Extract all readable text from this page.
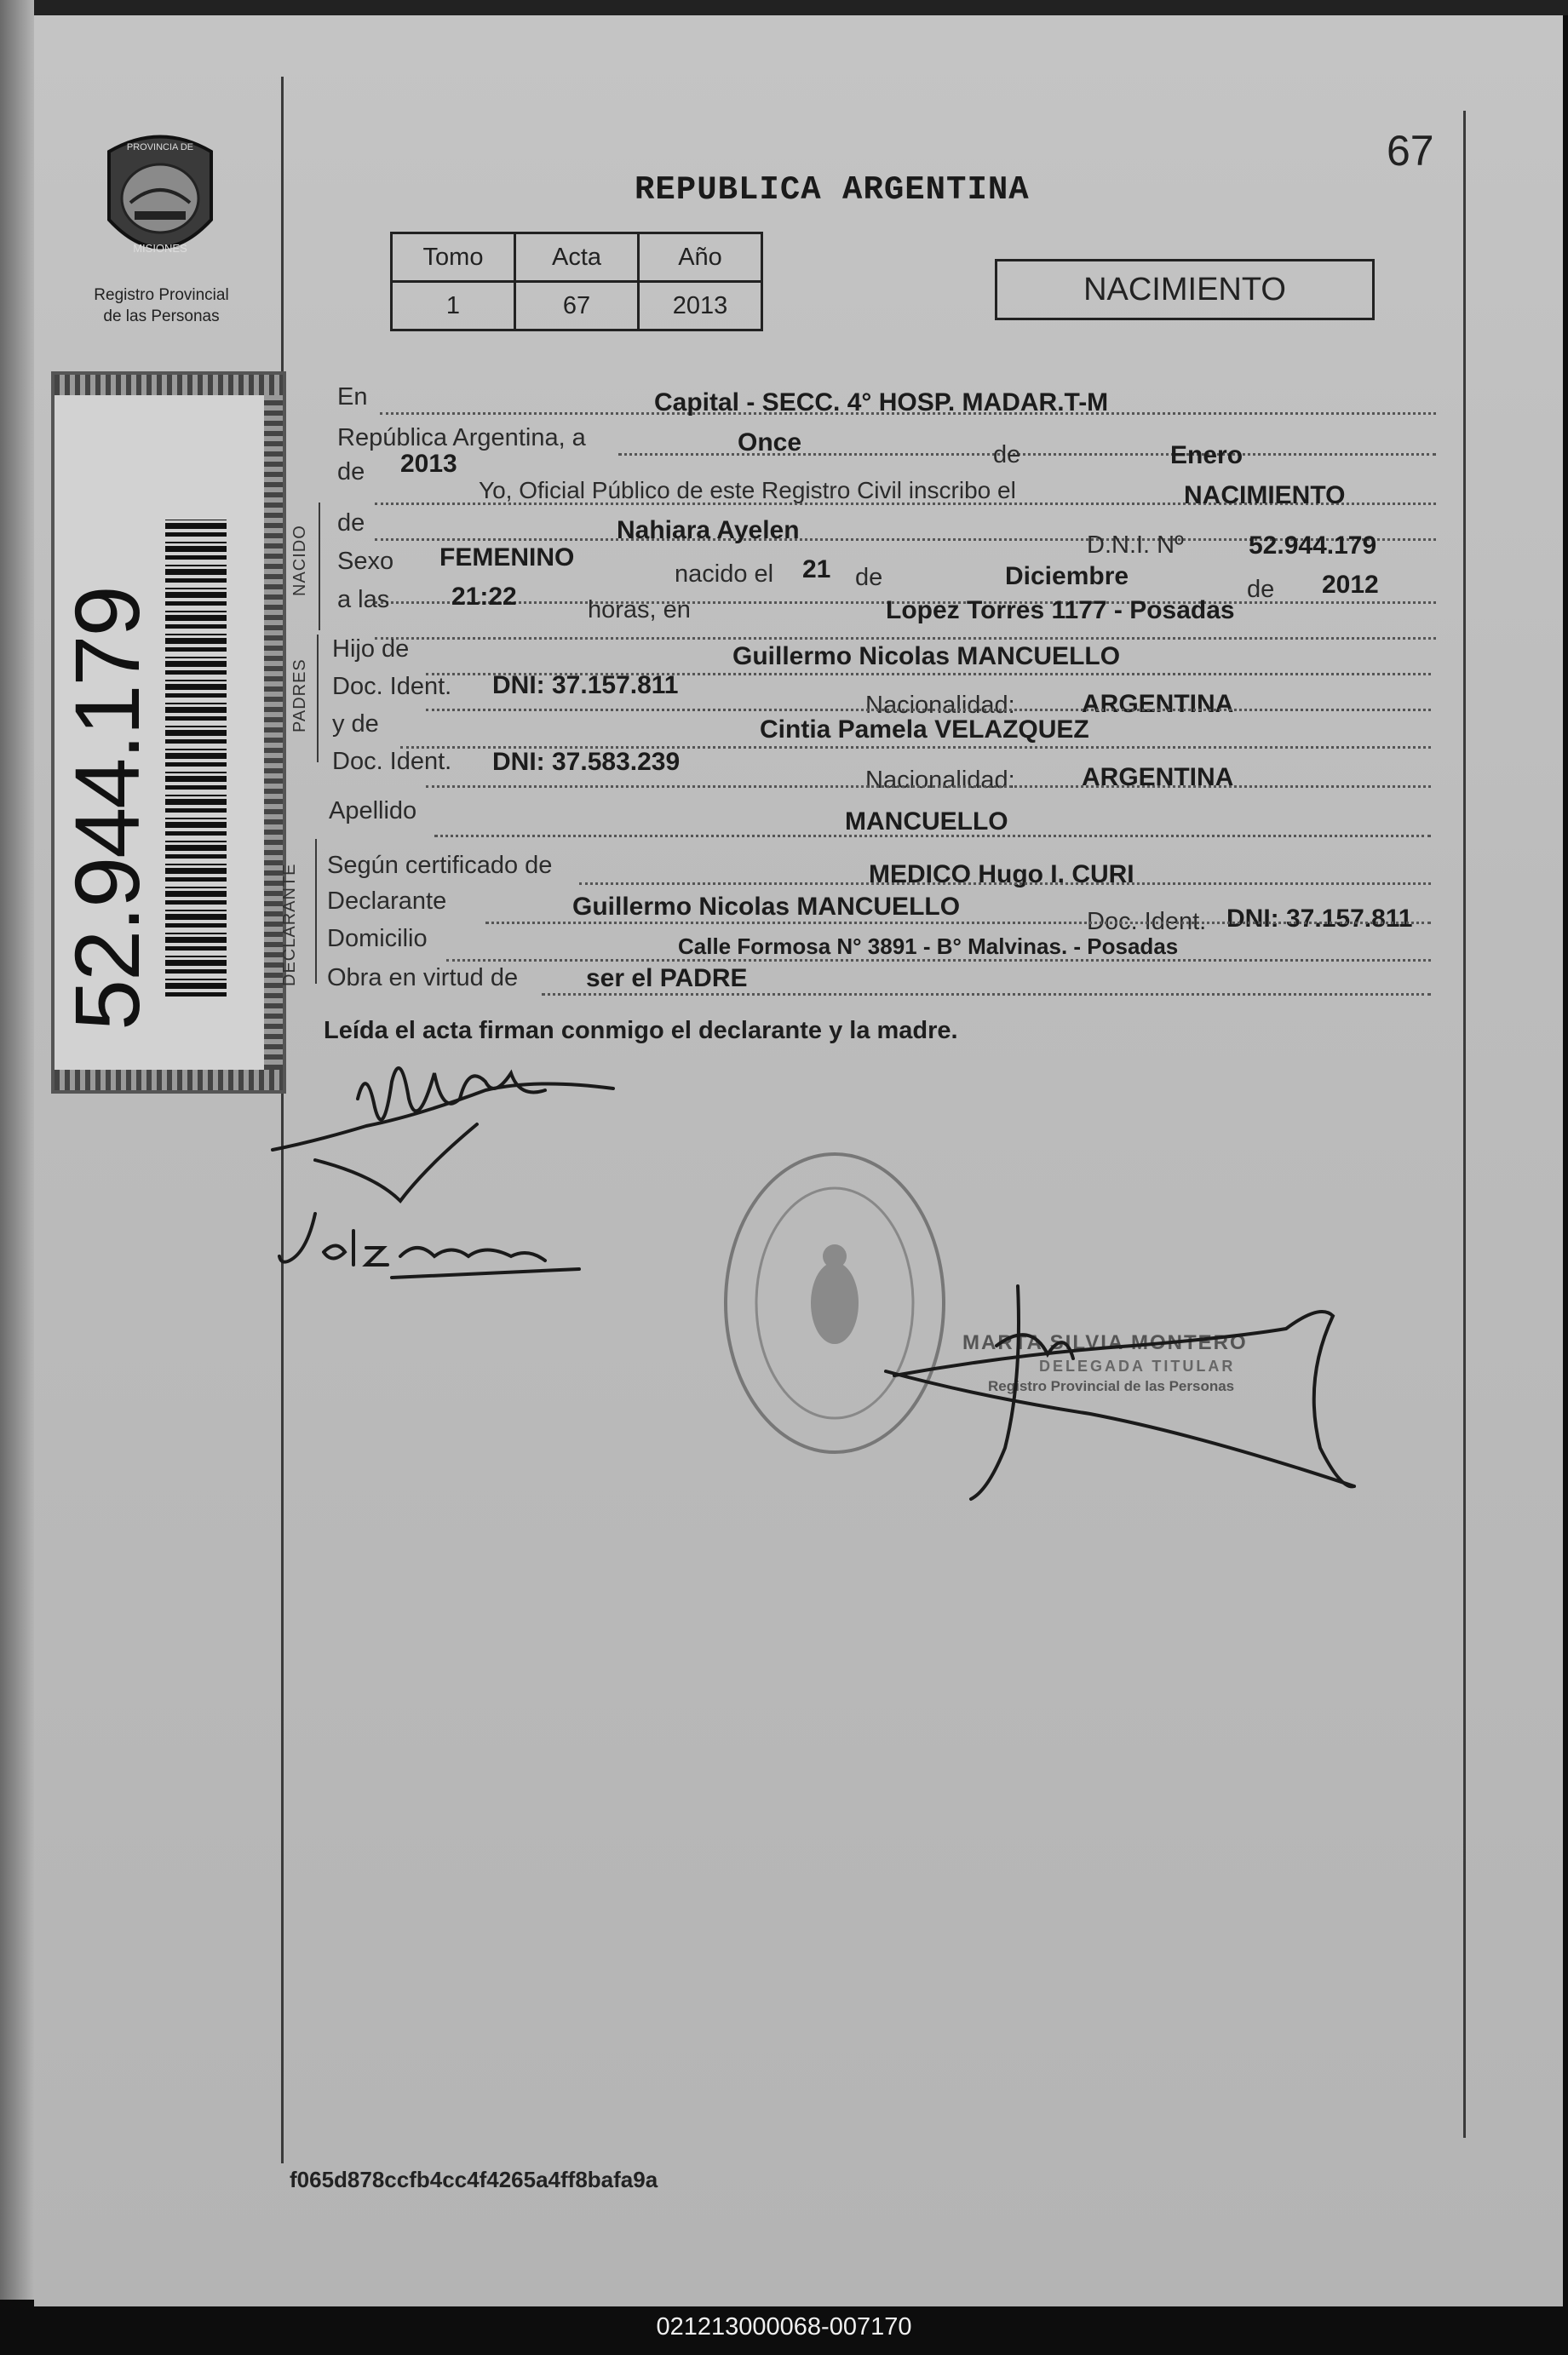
67
PROVINCIA DE
MISIONES
Registro Provincial
de las Personas
REPUBLICA ARGENTINA
Tomo	Acta	Año
1	67	2013	NACIMIENTO
52.944.179
NACIDO
PADRES
DECLARANTE
En	Capital - SECC. 4° HOSP. MADAR.T-M
República Argentina, a	Once	de	Enero
de 2013
Yo, Oficial Público de este Registro Civil inscribo el	NACIMIENTO
de	Nahiara Ayelen
D.N.I. Nº	52.944.179
Sexo FEMENINO
nacido el 21 de	Diciembre	de 2012
a las 21:22	horas, en	Lopez Torres 1177 - Posadas
Hijo de	Guillermo Nicolas MANCUELLO
Doc. Ident. DNI: 37.157.811
Nacionalidad:	ARGENTINA
y de	Cintia Pamela VELAZQUEZ
Doc. Ident. DNI: 37.583.239
Nacionalidad:	ARGENTINA
Apellido	MANCUELLO
Según certificado de	MEDICO Hugo I. CURI
Declarante	Guillermo Nicolas MANCUELLO
Doc. Ident. DNI: 37.157.811
Domicilio	Calle Formosa N° 3891 - B° Malvinas. - Posadas
Obra en virtud de	ser el PADRE
Leída el acta firman conmigo el declarante y la madre.
MARTA SILVIA MONTERO
DELEGADA TITULAR
Registro Provincial de las Personas
f065d878ccfb4cc4f4265a4ff8bafa9a
021213000068-007170
